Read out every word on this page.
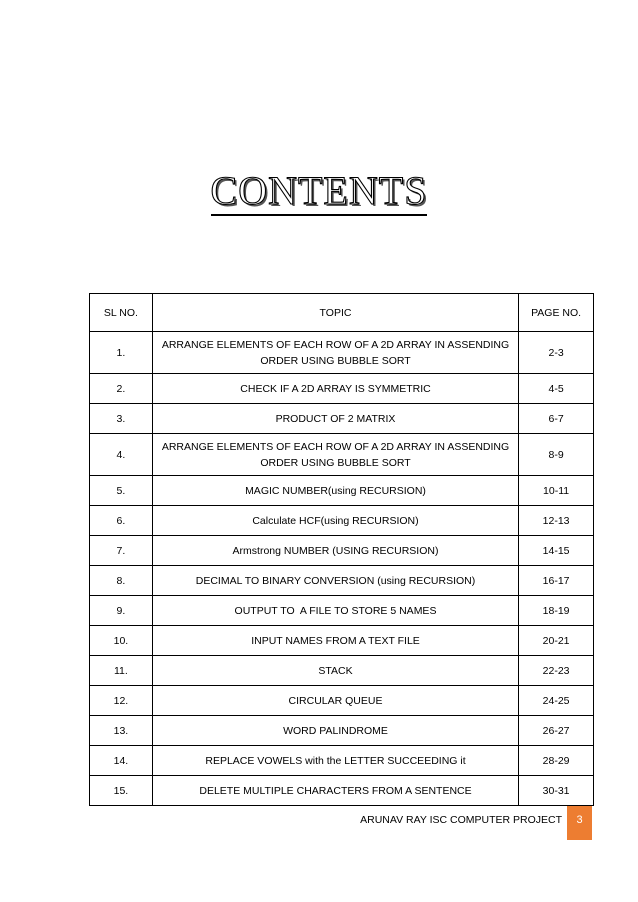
CONTENTS
SL NO.	TOPIC	PAGE NO.
1.	ARRANGE ELEMENTS OF EACH ROW OF A 2D ARRAY IN ASSENDING
ORDER USING BUBBLE SORT	2-3
2.	CHECK IF A 2D ARRAY IS SYMMETRIC	4-5
3.	PRODUCT OF 2 MATRIX	6-7
4.	ARRANGE ELEMENTS OF EACH ROW OF A 2D ARRAY IN ASSENDING
ORDER USING BUBBLE SORT	8-9
5.	MAGIC NUMBER(using RECURSION)	10-11
6.	Calculate HCF(using RECURSION)	12-13
7.	Armstrong NUMBER (USING RECURSION)	14-15
8.	DECIMAL TO BINARY CONVERSION (using RECURSION)	16-17
9.	OUTPUT TO  A FILE TO STORE 5 NAMES	18-19
10.	INPUT NAMES FROM A TEXT FILE	20-21
11.	STACK	22-23
12.	CIRCULAR QUEUE	24-25
13.	WORD PALINDROME	26-27
14.	REPLACE VOWELS with the LETTER SUCCEEDING it	28-29
15.	DELETE MULTIPLE CHARACTERS FROM A SENTENCE	30-31
ARUNAV RAY ISC COMPUTER PROJECT	3
